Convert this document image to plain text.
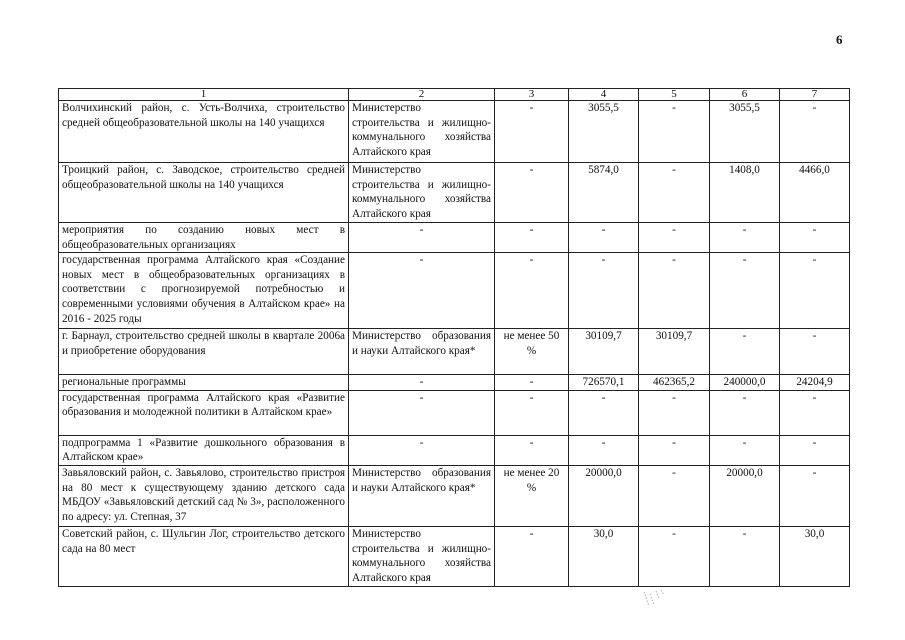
6
1	2	3	4	5	6	7
Волчихинский район, с. Усть-Волчиха, строительство средней общеобразовательной школы на 140 учащихся	Министерство строительства и жилищно-коммунального хозяйства Алтайского края	-	3055,5	-	3055,5	-
Троицкий район, с. Заводское, строительство средней общеобразовательной школы на 140 учащихся	Министерство строительства и жилищно-коммунального хозяйства Алтайского края	-	5874,0	-	1408,0	4466,0
мероприятия по созданию новых мест в общеобразовательных организациях	-	-	-	-	-	-
государственная программа Алтайского края «Создание новых мест в общеобразовательных организациях в соответствии с прогнозируемой потребностью и современными условиями обучения в Алтайском крае» на 2016 - 2025 годы	-	-	-	-	-	-
г. Барнаул, строительство средней школы в квартале 2006а и приобретение оборудования	Министерство образования и науки Алтайского края*	не менее 50 %	30109,7	30109,7	-	-
региональные программы	-	-	726570,1	462365,2	240000,0	24204,9
государственная программа Алтайского края «Развитие образования и молодежной политики в Алтайском крае»	-	-	-	-	-	-
подпрограмма 1 «Развитие дошкольного образования в Алтайском крае»	-	-	-	-	-	-
Завьяловский район, с. Завьялово, строительство пристроя на 80 мест к существующему зданию детского сада МБДОУ «Завьяловский детский сад № 3», расположенного по адресу: ул. Степная, 37	Министерство образования и науки Алтайского края*	не менее 20 %	20000,0	-	20000,0	-
Советский район, с. Шульгин Лог, строительство детского сада на 80 мест	Министерство строительства и жилищно-коммунального хозяйства Алтайского края	-	30,0	-	-	30,0
